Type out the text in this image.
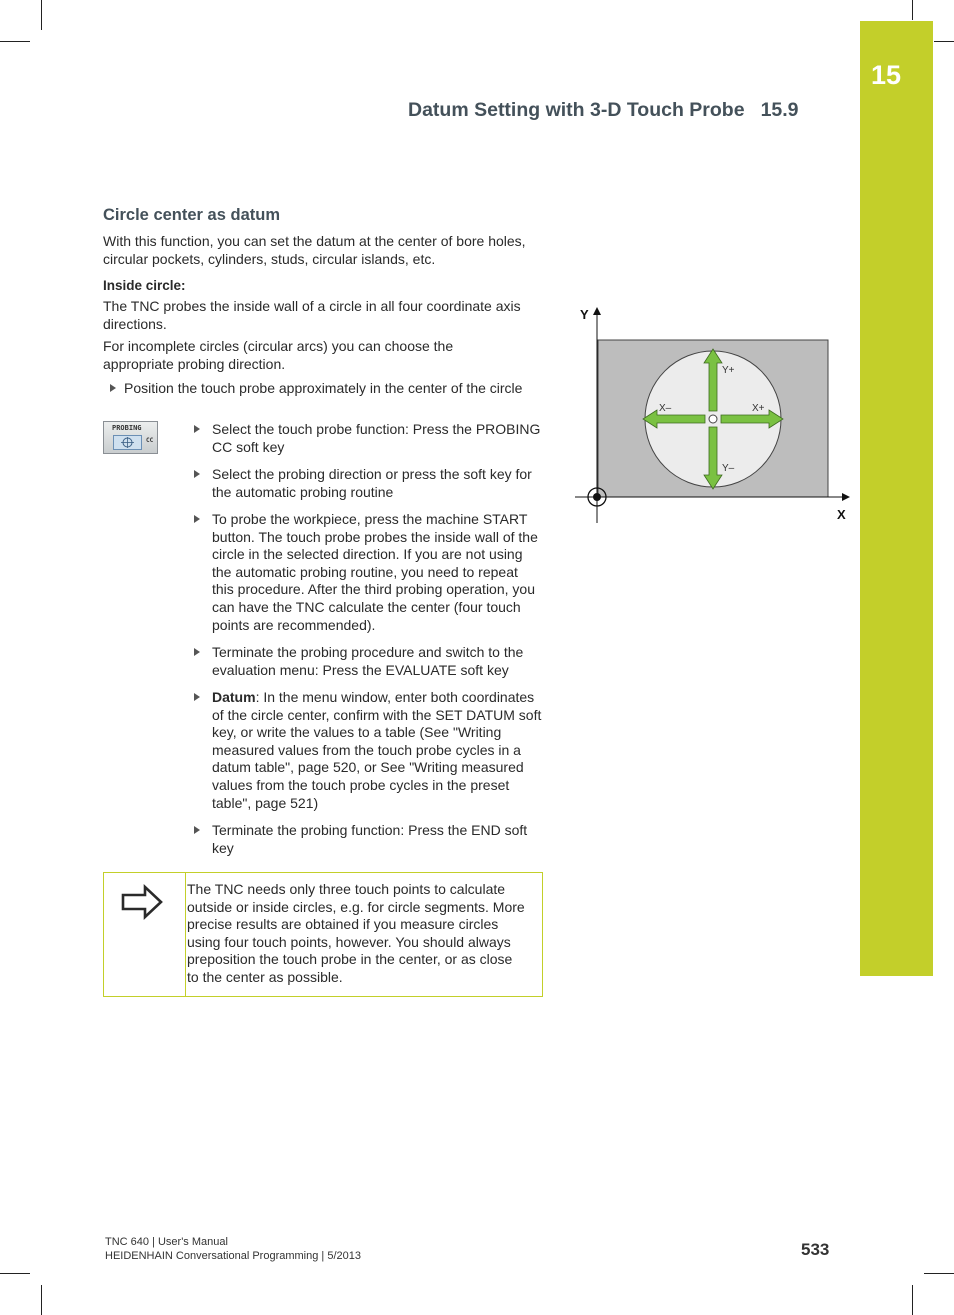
15
Datum Setting with 3-D Touch Probe 15.9
Circle center as datum
With this function, you can set the datum at the center of bore holes, circular pockets, cylinders, studs, circular islands, etc.
Inside circle:
The TNC probes the inside wall of a circle in all four coordinate axis directions.
For incomplete circles (circular arcs) you can choose the appropriate probing direction.
Position the touch probe approximately in the center of the circle
PROBING
CC
Select the touch probe function: Press the PROBING CC soft key
Select the probing direction or press the soft key for the automatic probing routine
To probe the workpiece, press the machine START button. The touch probe probes the inside wall of the circle in the selected direction. If you are not using the automatic probing routine, you need to repeat this procedure. After the third probing operation, you can have the TNC calculate the center (four touch points are recommended).
Terminate the probing procedure and switch to the evaluation menu: Press the EVALUATE soft key
Datum: In the menu window, enter both coordinates of the circle center, confirm with the SET DATUM soft key, or write the values to a table (See "Writing measured values from the touch probe cycles in a datum table", page 520, or See "Writing measured values from the touch probe cycles in the preset table", page 521)
Terminate the probing function: Press the END soft key
The TNC needs only three touch points to calculate outside or inside circles, e.g. for circle segments. More precise results are obtained if you measure circles using four touch points, however. You should always preposition the touch probe in the center, or as close to the center as possible.
Y+
Y–
X+
X–
Y
X
TNC 640 | User's Manual
HEIDENHAIN Conversational Programming | 5/2013	533
